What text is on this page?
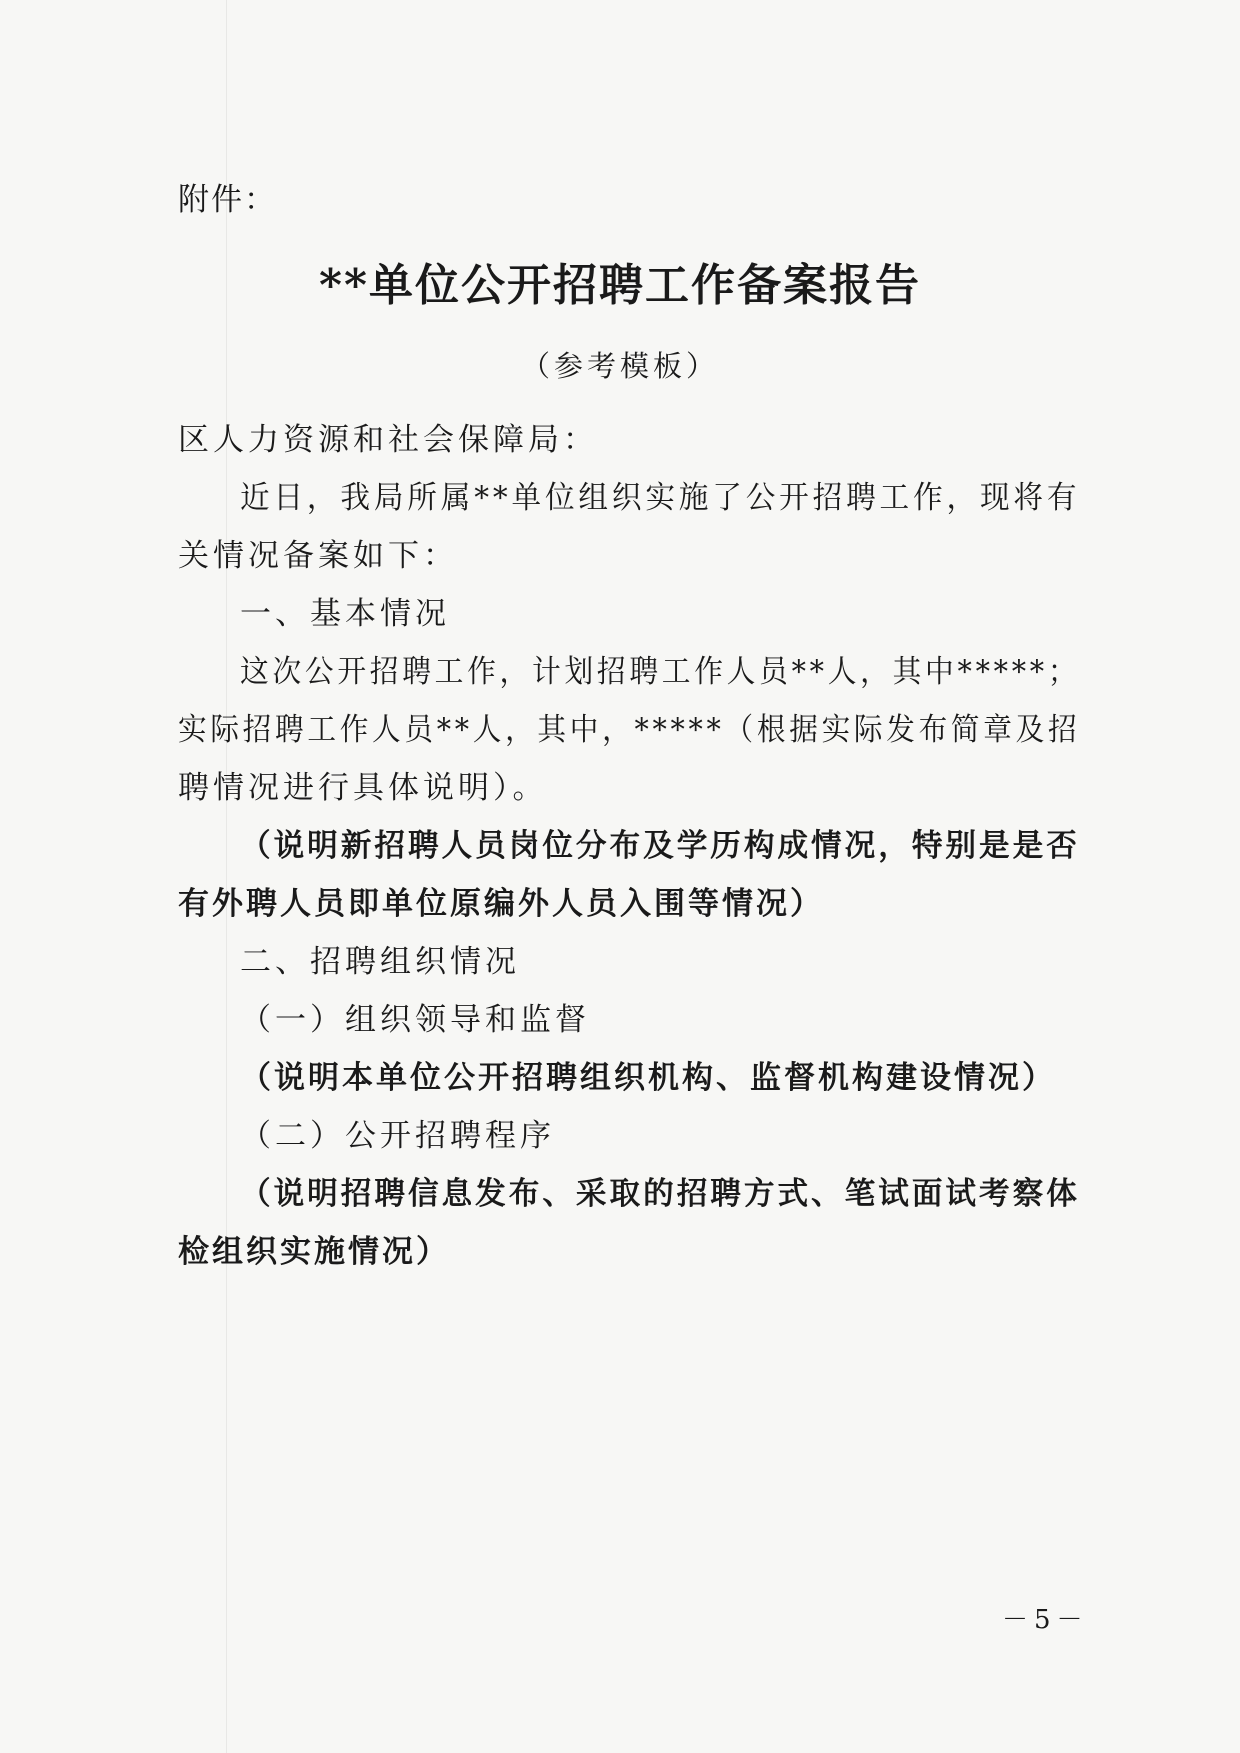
附件：
**单位公开招聘工作备案报告
（参考模板）
区人力资源和社会保障局：
近日，我局所属**单位组织实施了公开招聘工作，现将有
关情况备案如下：
一、基本情况
这次公开招聘工作，计划招聘工作人员**人，其中*****；
实际招聘工作人员**人，其中，*****（根据实际发布简章及招
聘情况进行具体说明）。
（说明新招聘人员岗位分布及学历构成情况，特别是是否
有外聘人员即单位原编外人员入围等情况）
二、招聘组织情况
（一）组织领导和监督
（说明本单位公开招聘组织机构、监督机构建设情况）
（二）公开招聘程序
（说明招聘信息发布、采取的招聘方式、笔试面试考察体
检组织实施情况）
－5－
